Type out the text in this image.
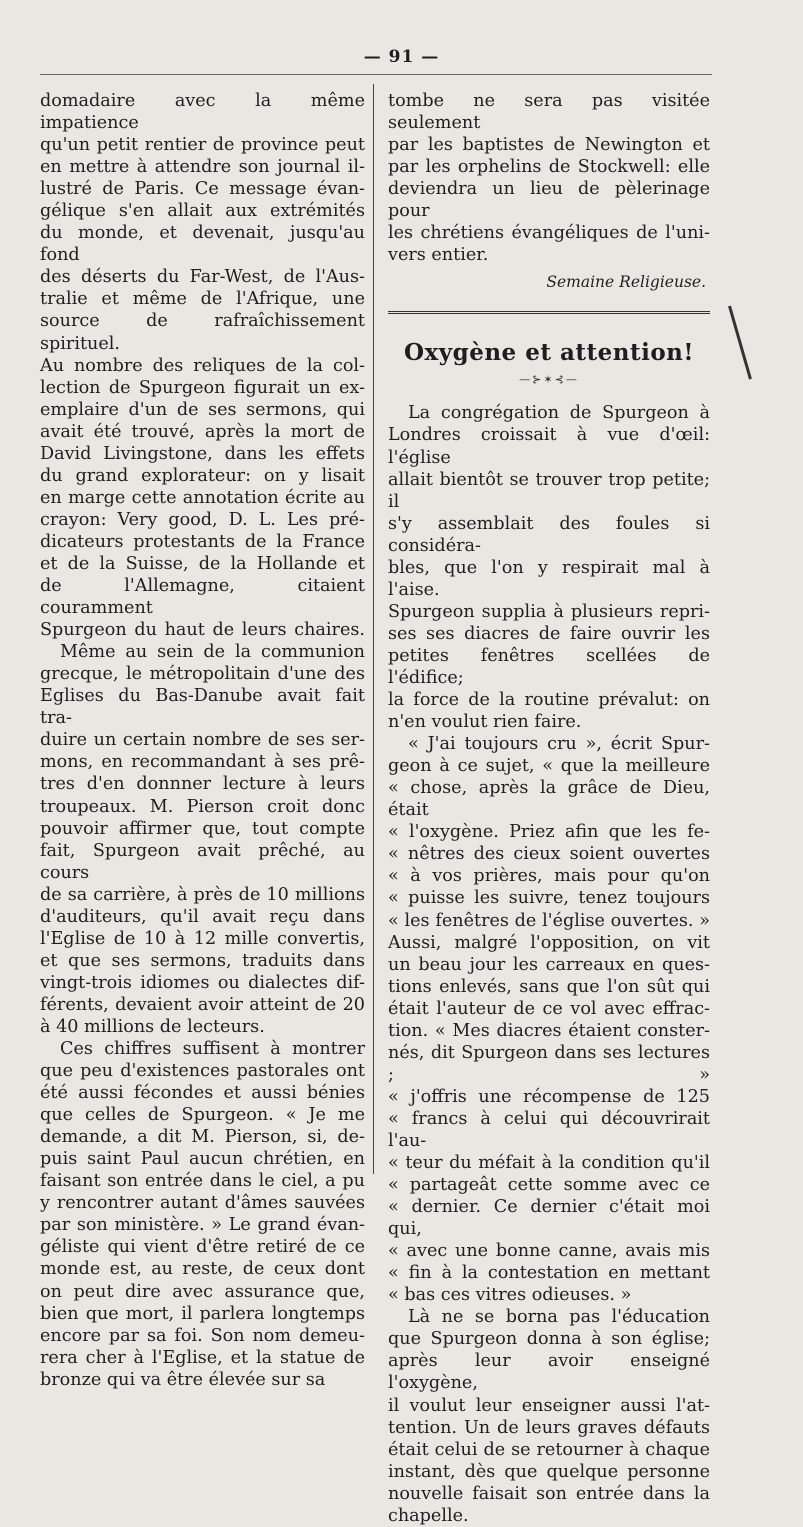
— 91 —
domadaire avec la même impatience
qu'un petit rentier de province peut
en mettre à attendre son journal il-
lustré de Paris. Ce message évan-
gélique s'en allait aux extrémités
du monde, et devenait, jusqu'au fond
des déserts du Far-West, de l'Aus-
tralie et même de l'Afrique, une
source de rafraîchissement spirituel.
Au nombre des reliques de la col-
lection de Spurgeon figurait un ex-
emplaire d'un de ses sermons, qui
avait été trouvé, après la mort de
David Livingstone, dans les effets
du grand explorateur: on y lisait
en marge cette annotation écrite au
crayon: Very good, D. L. Les pré-
dicateurs protestants de la France
et de la Suisse, de la Hollande et
de l'Allemagne, citaient couramment
Spurgeon du haut de leurs chaires.
Même au sein de la communion
grecque, le métropolitain d'une des
Eglises du Bas-Danube avait fait tra-
duire un certain nombre de ses ser-
mons, en recommandant à ses prê-
tres d'en donnner lecture à leurs
troupeaux. M. Pierson croit donc
pouvoir affirmer que, tout compte
fait, Spurgeon avait prêché, au cours
de sa carrière, à près de 10 millions
d'auditeurs, qu'il avait reçu dans
l'Eglise de 10 à 12 mille convertis,
et que ses sermons, traduits dans
vingt-trois idiomes ou dialectes dif-
férents, devaient avoir atteint de 20
à 40 millions de lecteurs.
Ces chiffres suffisent à montrer
que peu d'existences pastorales ont
été aussi fécondes et aussi bénies
que celles de Spurgeon. « Je me
demande, a dit M. Pierson, si, de-
puis saint Paul aucun chrétien, en
faisant son entrée dans le ciel, a pu
y rencontrer autant d'âmes sauvées
par son ministère. » Le grand évan-
géliste qui vient d'être retiré de ce
monde est, au reste, de ceux dont
on peut dire avec assurance que,
bien que mort, il parlera longtemps
encore par sa foi. Son nom demeu-
rera cher à l'Eglise, et la statue de
bronze qui va être élevée sur sa
tombe ne sera pas visitée seulement
par les baptistes de Newington et
par les orphelins de Stockwell: elle
deviendra un lieu de pèlerinage pour
les chrétiens évangéliques de l'uni-
vers entier.
Semaine Religieuse.
Oxygène et attention!
—⊱✶⊰—
La congrégation de Spurgeon à
Londres croissait à vue d'œil: l'église
allait bientôt se trouver trop petite; il
s'y assemblait des foules si considéra-
bles, que l'on y respirait mal à l'aise.
Spurgeon supplia à plusieurs repri-
ses ses diacres de faire ouvrir les
petites fenêtres scellées de l'édifice;
la force de la routine prévalut: on
n'en voulut rien faire.
« J'ai toujours cru », écrit Spur-
geon à ce sujet, « que la meilleure
« chose, après la grâce de Dieu, était
« l'oxygène. Priez afin que les fe-
« nêtres des cieux soient ouvertes
« à vos prières, mais pour qu'on
« puisse les suivre, tenez toujours
« les fenêtres de l'église ouvertes. »
Aussi, malgré l'opposition, on vit
un beau jour les carreaux en ques-
tions enlevés, sans que l'on sût qui
était l'auteur de ce vol avec effrac-
tion. « Mes diacres étaient conster-
nés, dit Spurgeon dans ses lectures ; »
« j'offris une récompense de 125
« francs à celui qui découvrirait l'au-
« teur du méfait à la condition qu'il
« partageât cette somme avec ce
« dernier. Ce dernier c'était moi qui,
« avec une bonne canne, avais mis
« fin à la contestation en mettant
« bas ces vitres odieuses. »
Là ne se borna pas l'éducation
que Spurgeon donna à son église;
après leur avoir enseigné l'oxygène,
il voulut leur enseigner aussi l'at-
tention. Un de leurs graves défauts
était celui de se retourner à chaque
instant, dès que quelque personne
nouvelle faisait son entrée dans la
chapelle.
